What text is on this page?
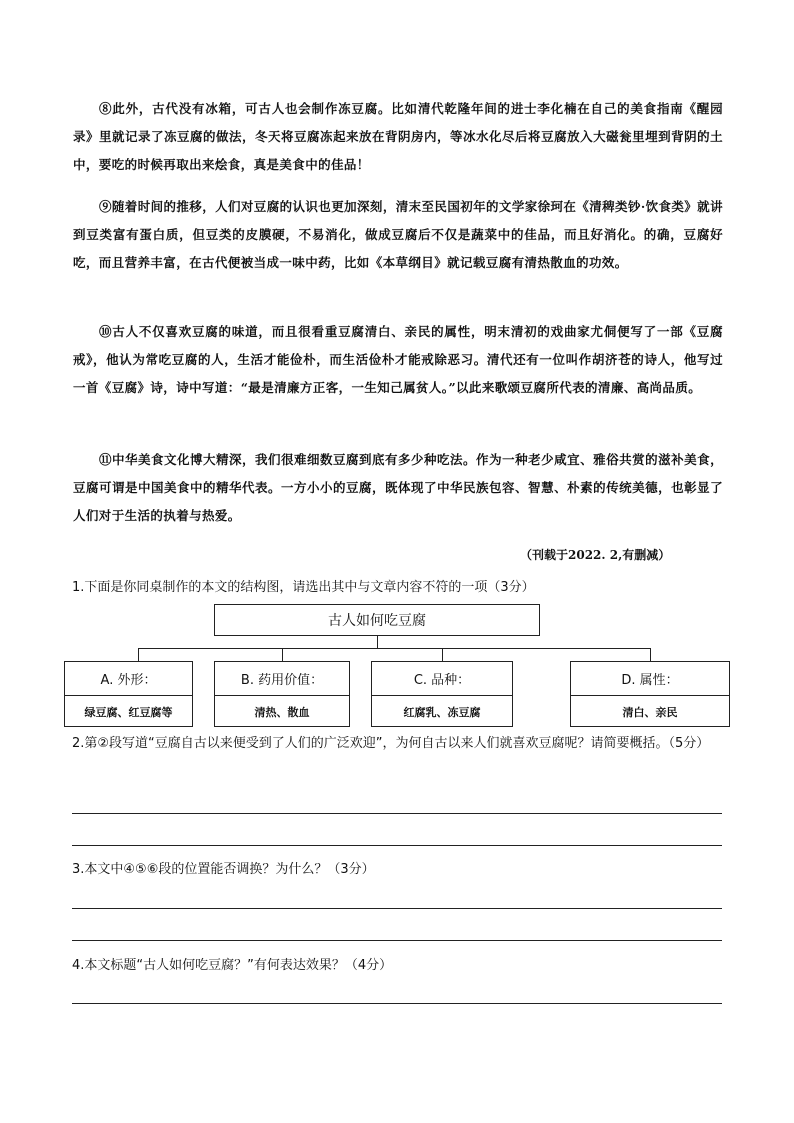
⑧此外，古代没有冰箱，可古人也会制作冻豆腐。比如清代乾隆年间的进士李化楠在自己的美食指南《醒园录》里就记录了冻豆腐的做法，冬天将豆腐冻起来放在背阴房内，等冰水化尽后将豆腐放入大磁瓮里埋到背阴的土中，要吃的时候再取出来烩食，真是美食中的佳品！
⑨随着时间的推移，人们对豆腐的认识也更加深刻，清末至民国初年的文学家徐珂在《清稗类钞·饮食类》就讲到豆类富有蛋白质，但豆类的皮膜硬，不易消化，做成豆腐后不仅是蔬菜中的佳品，而且好消化。的确，豆腐好吃，而且营养丰富，在古代便被当成一味中药，比如《本草纲目》就记载豆腐有清热散血的功效。
⑩古人不仅喜欢豆腐的味道，而且很看重豆腐清白、亲民的属性，明末清初的戏曲家尤侗便写了一部《豆腐戒》，他认为常吃豆腐的人，生活才能俭朴，而生活俭朴才能戒除恶习。清代还有一位叫作胡济苍的诗人，他写过一首《豆腐》诗，诗中写道：“最是清廉方正客，一生知己属贫人。”以此来歌颂豆腐所代表的清廉、高尚品质。
⑪中华美食文化博大精深，我们很难细数豆腐到底有多少种吃法。作为一种老少咸宜、雅俗共赏的滋补美食，豆腐可谓是中国美食中的精华代表。一方小小的豆腐，既体现了中华民族包容、智慧、朴素的传统美德，也彰显了人们对于生活的执着与热爱。
（刊载于2022. 2,有删减）
1.下面是你同桌制作的本文的结构图，请选出其中与文章内容不符的一项（3分）
古人如何吃豆腐
A. 外形：
绿豆腐、红豆腐等
B. 药用价值：
清热、散血
C. 品种：
红腐乳、冻豆腐
D. 属性：
清白、亲民
2.第②段写道“豆腐自古以来便受到了人们的广泛欢迎”，为何自古以来人们就喜欢豆腐呢？请简要概括。（5分）
3.本文中④⑤⑥段的位置能否调换？为什么？（3分）
4.本文标题“古人如何吃豆腐？”有何表达效果？（4分）
